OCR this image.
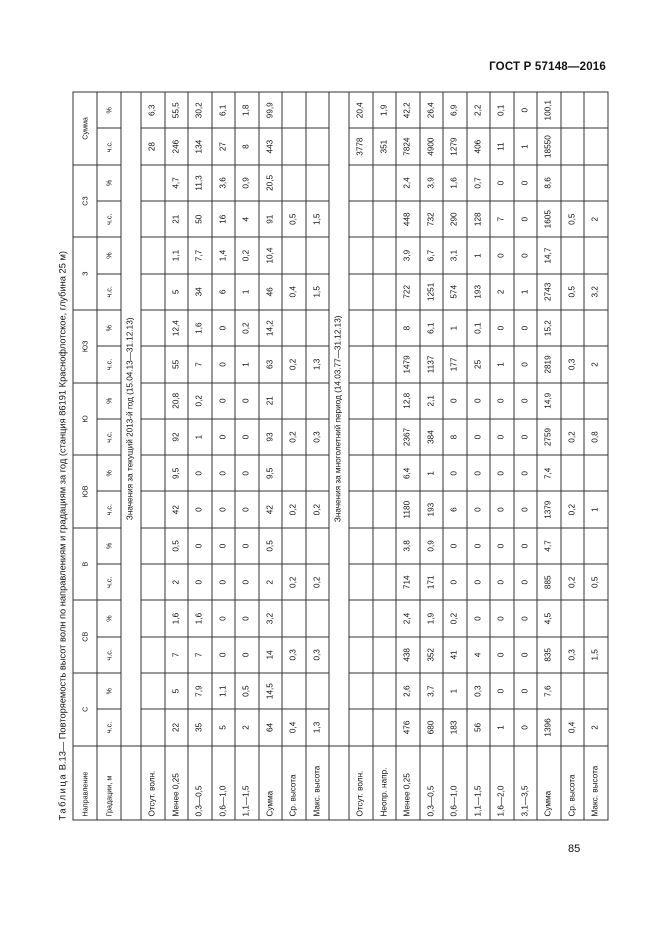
ГОСТ Р 57148—2016
Таблица В.13— Повторяемость высот волн по направлениям и градациям за год (станция 86191 Краснофлотское, глубина 25 м)
Направление	С		СВ		В		ЮВ		Ю		ЮЗ		З		СЗ		Сумма	
Градации, м	ч.с.	%	ч.с.	%	ч.с.	%	ч.с.	%	ч.с.	%	ч.с.	%	ч.с.	%	ч.с.	%	ч.с.	%
	Значения за текущий 2013-й год (15.04.13—31.12.13)																	
Отсут. волн.																	28	6,3
Менее 0,25	22	5	7	1,6	2	0,5	42	9,5	92	20,8	55	12,4	5	1,1	21	4,7	246	55,5
0,3—0,5	35	7,9	7	1,6	0	0	0	0	1	0,2	7	1,6	34	7,7	50	11,3	134	30,2
0,6—1,0	5	1,1	0	0	0	0	0	0	0	0	0	0	6	1,4	16	3,6	27	6,1
1,1—1,5	2	0,5	0	0	0	0	0	0	0	0	1	0,2	1	0,2	4	0,9	8	1,8
Сумма	64	14,5	14	3,2	2	0,5	42	9,5	93	21	63	14,2	46	10,4	91	20,5	443	99,9
Ср. высота	0,4		0,3		0,2		0,2		0,2		0,2		0,4		0,5			
Макс. высота	1,3		0,3		0,2		0,2		0,3		1,3		1,5		1,5			
	Значения за многолетний период (14.03.77—31.12.13)																	
Отсут. волн.																	3778	20,4
Неопр. напр.																	351	1,9
Менее 0,25	476	2,6	438	2,4	714	3,8	1180	6,4	2367	12,8	1479	8	722	3,9	448	2,4	7824	42,2
0,3—0,5	680	3,7	352	1,9	171	0,9	193	1	384	2,1	1137	6,1	1251	6,7	732	3,9	4900	26,4
0,6—1,0	183	1	41	0,2	0	0	6	0	8	0	177	1	574	3,1	290	1,6	1279	6,9
1,1—1,5	56	0,3	4	0	0	0	0	0	0	0	25	0,1	193	1	128	0,7	406	2,2
1,6—2,0	1	0	0	0	0	0	0	0	0	0	1	0	2	0	7	0	11	0,1
3,1—3,5	0	0	0	0	0	0	0	0	0	0	0	0	1	0	0	0	1	0
Сумма	1396	7,6	835	4,5	885	4,7	1379	7,4	2759	14,9	2819	15,2	2743	14,7	1605	8,6	18550	100,1
Ср. высота	0,4		0,3		0,2		0,2		0,2		0,3		0,5		0,5			
Макс. высота	2		1,5		0,5		1		0,8		2		3,2		2			
85
